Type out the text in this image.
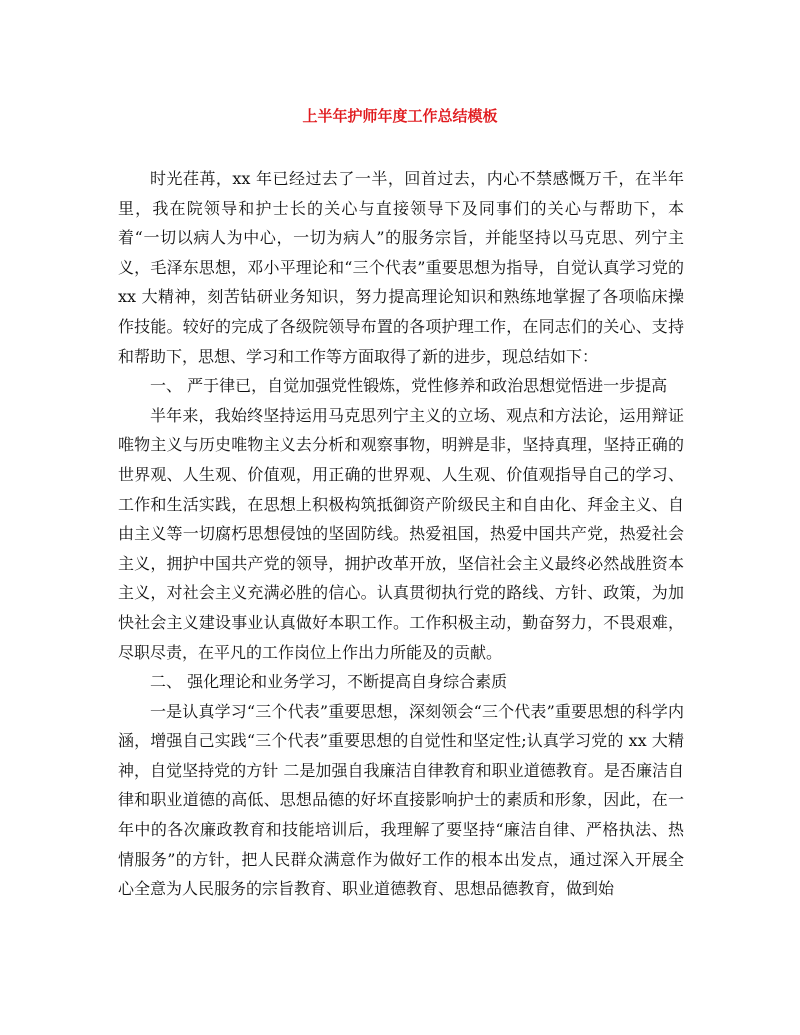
上半年护师年度工作总结模板

时光荏苒，xx 年已经过去了一半，回首过去，内心不禁感慨万千，在半年里，我在院领导和护士长的关心与直接领导下及同事们的关心与帮助下，本着“一切以病人为中心，一切为病人”的服务宗旨，并能坚持以马克思、列宁主义，毛泽东思想，邓小平理论和“三个代表”重要思想为指导，自觉认真学习党的 xx 大精神，刻苦钻研业务知识，努力提高理论知识和熟练地掌握了各项临床操作技能。较好的完成了各级院领导布置的各项护理工作，在同志们的关心、支持和帮助下，思想、学习和工作等方面取得了新的进步，现总结如下：

一、 严于律已，自觉加强党性锻炼，党性修养和政治思想觉悟进一步提高

半年来，我始终坚持运用马克思列宁主义的立场、观点和方法论，运用辩证唯物主义与历史唯物主义去分析和观察事物，明辨是非，坚持真理，坚持正确的世界观、人生观、价值观，用正确的世界观、人生观、价值观指导自己的学习、工作和生活实践，在思想上积极构筑抵御资产阶级民主和自由化、拜金主义、自由主义等一切腐朽思想侵蚀的坚固防线。热爱祖国，热爱中国共产党，热爱社会主义，拥护中国共产党的领导，拥护改革开放，坚信社会主义最终必然战胜资本主义，对社会主义充满必胜的信心。认真贯彻执行党的路线、方针、政策，为加快社会主义建设事业认真做好本职工作。工作积极主动，勤奋努力，不畏艰难，尽职尽责，在平凡的工作岗位上作出力所能及的贡献。

二、 强化理论和业务学习，不断提高自身综合素质

一是认真学习“三个代表”重要思想，深刻领会“三个代表”重要思想的科学内涵，增强自己实践“三个代表”重要思想的自觉性和坚定性;认真学习党的 xx 大精神，自觉坚持党的方针 二是加强自我廉洁自律教育和职业道德教育。是否廉洁自律和职业道德的高低、思想品德的好坏直接影响护士的素质和形象，因此，在一年中的各次廉政教育和技能培训后，我理解了要坚持“廉洁自律、严格执法、热情服务”的方针，把人民群众满意作为做好工作的根本出发点，通过深入开展全心全意为人民服务的宗旨教育、职业道德教育、思想品德教育，做到始
